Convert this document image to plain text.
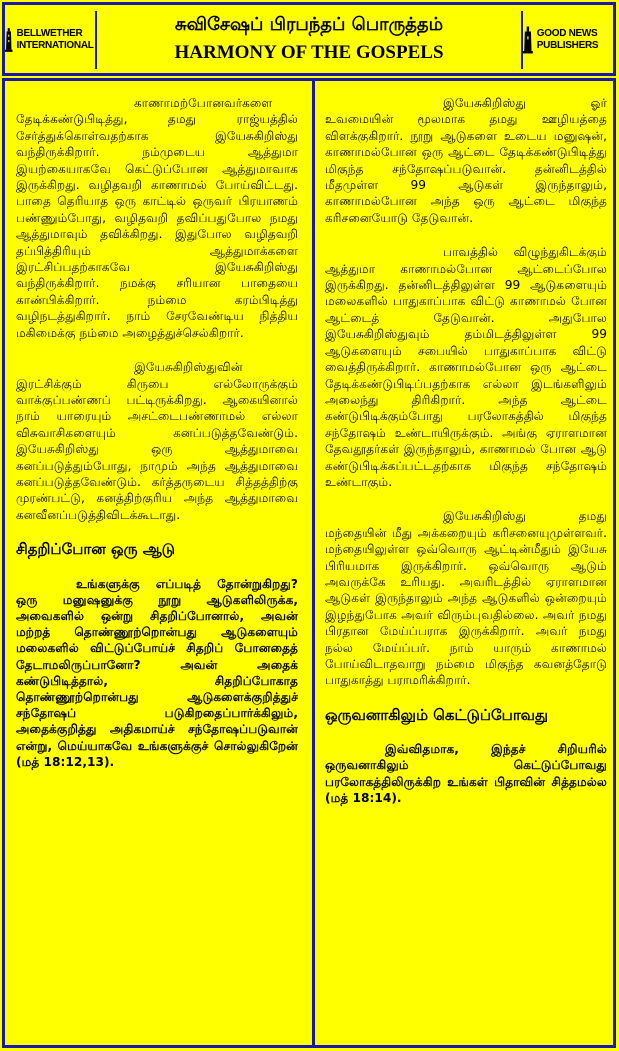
BELLWETHER INTERNATIONAL
சுவிசேஷப் பிரபந்தப் பொருத்தம்
HARMONY OF THE GOSPELS
GOOD NEWS PUBLISHERS

காணாமற்போனவர்களை தேடிக்கண்டுபிடித்து, தமது ராஜ்யத்தில் சேர்த்துக்கொள்வதற்காக இயேசுகிறிஸ்து வந்திருக்கிறார். நம்முடைய ஆத்துமா இயற்கையாகவே கெட்டுப்போன ஆத்துமாவாக இருக்கிறது. வழிதவறி காணாமல் போய்விட்டது. பாதை தெரியாத ஒரு காட்டில் ஒருவர் பிரயாணம் பண்ணும்போது, வழிதவறி தவிப்பதுபோல நமது ஆத்துமாவும் தவிக்கிறது. இதுபோல வழிதவறி தப்பித்திரியும் ஆத்துமாக்களை இரட்சிப்பதற்காகவே இயேசுகிறிஸ்து வந்திருக்கிறார். நமக்கு சரியான பாதையை காண்பிக்கிறார். நம்மை கரம்பிடித்து வழிநடத்துகிறார். நாம் சேரவேண்டிய நித்திய மகிமைக்கு நம்மை அழைத்துச்செல்கிறார்.

இயேசுகிறிஸ்துவின் இரட்சிக்கும் கிருபை எல்லோருக்கும் வாக்குப்பண்ணப் பட்டிருக்கிறது. ஆகையினால் நாம் யாரையும் அசட்டைபண்ணாமல் எல்லா விசுவாசிகளையும் கனப்படுத்தவேண்டும். இயேசுகிறிஸ்து ஒரு ஆத்துமாவை கனப்படுத்தும்போது, நாமும் அந்த ஆத்துமாவை கனப்படுத்தவேண்டும். கர்த்தருடைய சித்தத்திற்கு முரண்பட்டு, கனத்திற்குரிய அந்த ஆத்துமாவை கனவீனப்படுத்திவிடக்கூடாது.

சிதறிப்போன ஒரு ஆடு

உங்களுக்கு எப்படித் தோன்றுகிறது? ஒரு மனுஷனுக்கு நூறு ஆடுகளிலிருக்க, அவைகளில் ஒன்று சிதறிப்போனால், அவன் மற்றத் தொண்ணூற்றொன்பது ஆடுகளையும் மலைகளில் விட்டுப்போய்ச் சிதறிப் போனதைத் தேடாமலிருப்பானோ? அவன் அதைக் கண்டுபிடித்தால், சிதறிப்போகாத தொண்ணூற்றொன்பது ஆடுகளைக்குறித்துச் சந்தோஷப் படுகிறதைப்பார்க்கிலும், அதைக்குறித்து அதிகமாய்ச் சந்தோஷப்படுவான் என்று, மெய்யாகவே உங்களுக்குச் சொல்லுகிறேன் (மத் 18:12,13).

இயேசுகிறிஸ்து ஓர் உவமையின் மூலமாக தமது ஊழியத்தை விளக்குகிறார். நூறு ஆடுகளை உடைய மனுஷன், காணாமல்போன ஒரு ஆட்டை தேடிக்கண்டுபிடித்து மிகுந்த சந்தோஷப்படுவான். தன்னிடத்தில் மீதமுள்ள 99 ஆடுகள் இருந்தாலும், காணாமல்போன அந்த ஒரு ஆட்டை மிகுந்த கரிசனையோடு தேடுவான்.

பாவத்தில் விழுந்துகிடக்கும் ஆத்துமா காணாமல்போன ஆட்டைப்போல இருக்கிறது. தன்னிடத்திலுள்ள 99 ஆடுகளையும் மலைகளில் பாதுகாப்பாக விட்டு காணாமல் போன ஆட்டைத் தேடுவான். அதுபோல இயேசுகிறிஸ்துவும் தம்மிடத்திலுள்ள 99 ஆடுகளையும் சபையில் பாதுகாப்பாக விட்டு வைத்திருக்கிறார். காணாமல்போன ஒரு ஆட்டை தேடிக்கண்டுபிடிப்பதற்காக எல்லா இடங்களிலும் அலைந்து திரிகிறார். அந்த ஆட்டை கண்டுபிடிக்கும்போது பரலோகத்தில் மிகுந்த சந்தோஷம் உண்டாயிருக்கும். அங்கு ஏராளமான தேவதூதர்கள் இருந்தாலும், காணாமல் போன ஆடு கண்டுபிடிக்கப்பட்டதற்காக மிகுந்த சந்தோஷம் உண்டாகும்.

இயேசுகிறிஸ்து தமது மந்தையின் மீது அக்கறையும் கரிசனையுமுள்ளவர். மந்தையிலுள்ள ஒவ்வொரு ஆட்டின்மீதும் இயேசு பிரியமாக இருக்கிறார். ஒவ்வொரு ஆடும் அவருக்கே உரியது. அவரிடத்தில் ஏராளமான ஆடுகள் இருந்தாலும் அந்த ஆடுகளில் ஒன்றையும் இழந்துபோக அவர் விரும்புவதில்லை. அவர் நமது பிரதான மேய்ப்பராக இருக்கிறார். அவர் நமது நல்ல மேய்ப்பர். நாம் யாரும் காணாமல் போய்விடாதவாறு நம்மை மிகுந்த கவனத்தோடு பாதுகாத்து பராமரிக்கிறார்.

ஒருவனாகிலும் கெட்டுப்போவது

இவ்விதமாக, இந்தச் சிறியரில் ஒருவனாகிலும் கெட்டுப்போவது பரலோகத்திலிருக்கிற உங்கள் பிதாவின் சித்தமல்ல (மத் 18:14).
